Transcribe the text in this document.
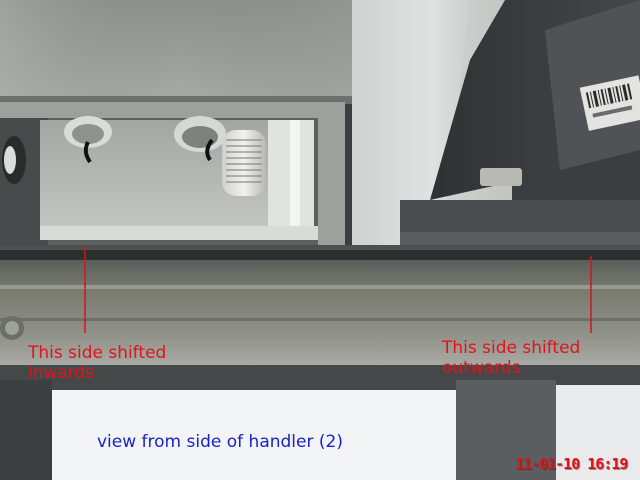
This side shifted
inwards

This side shifted
outwards

view from side of handler (2)

11-01-10 16:19
